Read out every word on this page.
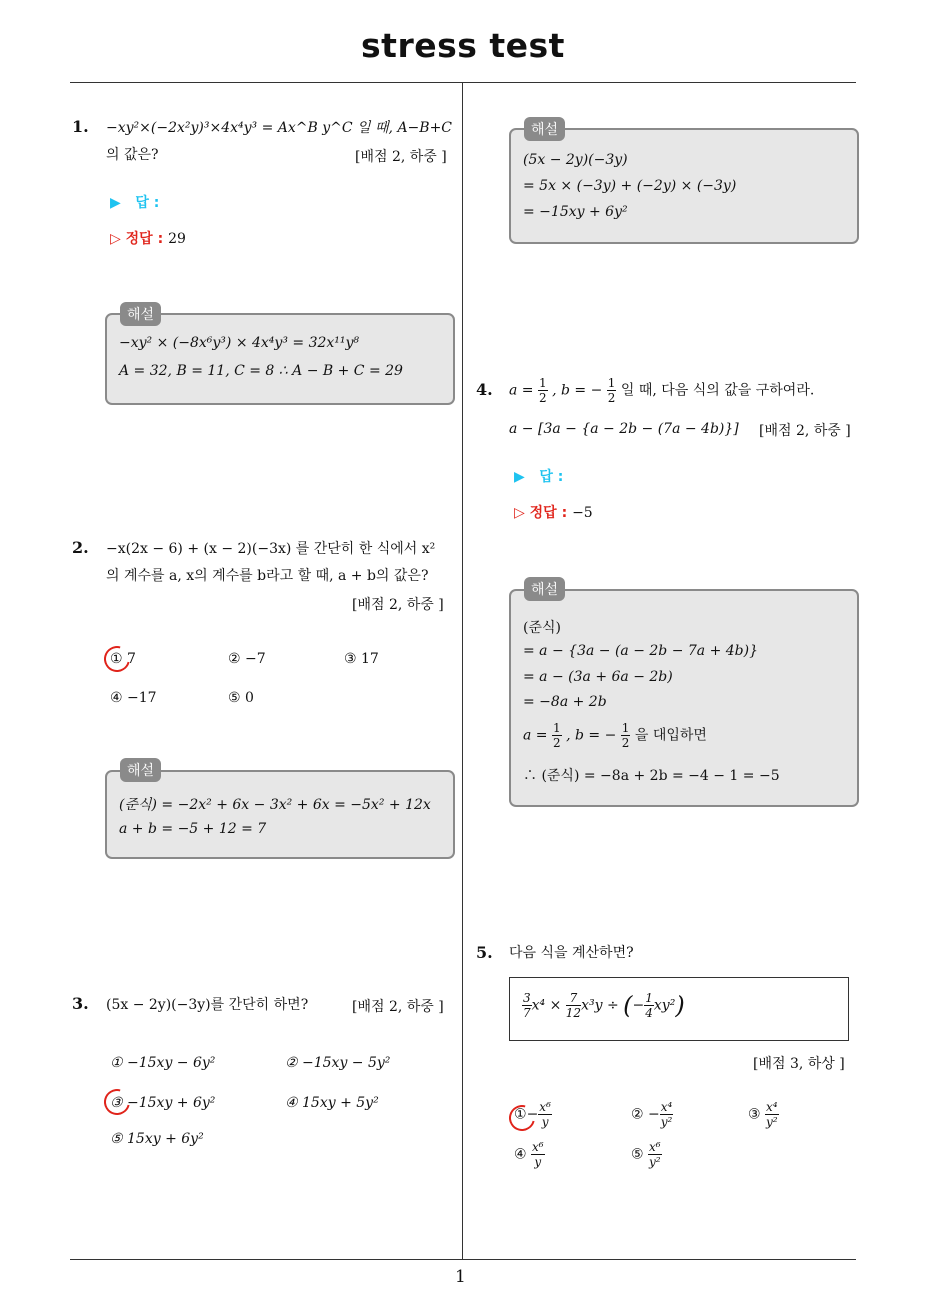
stress test
1
1. −xy²×(−2x²y)³×4x⁴y³ = Ax^B y^C 일 때, A−B+C
의 값은?	[배점 2, 하중 ]
▶ 답 :
▷ 정답 : 29
−xy² × (−8x⁶y³) × 4x⁴y³ = 32x¹¹y⁸
A = 32, B = 11, C = 8 ∴ A − B + C = 29
해설
2. −x(2x − 6) + (x − 2)(−3x) 를 간단히 한 식에서 x²
의 계수를 a, x의 계수를 b라고 할 때, a + b의 값은?
[배점 2, 하중 ]
① 7	② −7	③ 17
④ −17	⑤ 0
(준식) = −2x² + 6x − 3x² + 6x = −5x² + 12x
a + b = −5 + 12 = 7
해설
3. (5x − 2y)(−3y)를 간단히 하면?	[배점 2, 하중 ]
① −15xy − 6y²	② −15xy − 5y²
③ −15xy + 6y²	④ 15xy + 5y²
⑤ 15xy + 6y²
(5x − 2y)(−3y)
= 5x × (−3y) + (−2y) × (−3y)
= −15xy + 6y²
해설
4. $a = \frac{1}{2}$ , b = − $\frac{1}{2}$ 일 때, 다음 식의 값을 구하여라.
a − [3a − {a − 2b − (7a − 4b)}] [배점 2, 하중 ]
▶ 답 :
▷ 정답 : −5
(준식)
= a − {3a − (a − 2b − 7a + 4b)}
= a − (3a + 6a − 2b)
= −8a + 2b
$a = \frac{1}{2}$ , b = − $\frac{1}{2}$ 을 대입하면
∴ (준식) = −8a + 2b = −4 − 1 = −5
해설
5. 다음 식을 계산하면?
$\frac{3}{7} x^4 \times \frac{7}{12} x^3y$ ÷ (− $\frac{1}{4} xy^2$)
[배점 3, 하상 ]
①− $\frac{\text{x⁶}}{y}$	② − $\frac{\text{x⁴}}{\text{y²}}$	③ $\frac{\text{x⁴}}{\text{y²}}$
④ $\frac{\text{x⁶}}{y}$	⑤ $\frac{\text{x⁶}}{\text{y²}}$
